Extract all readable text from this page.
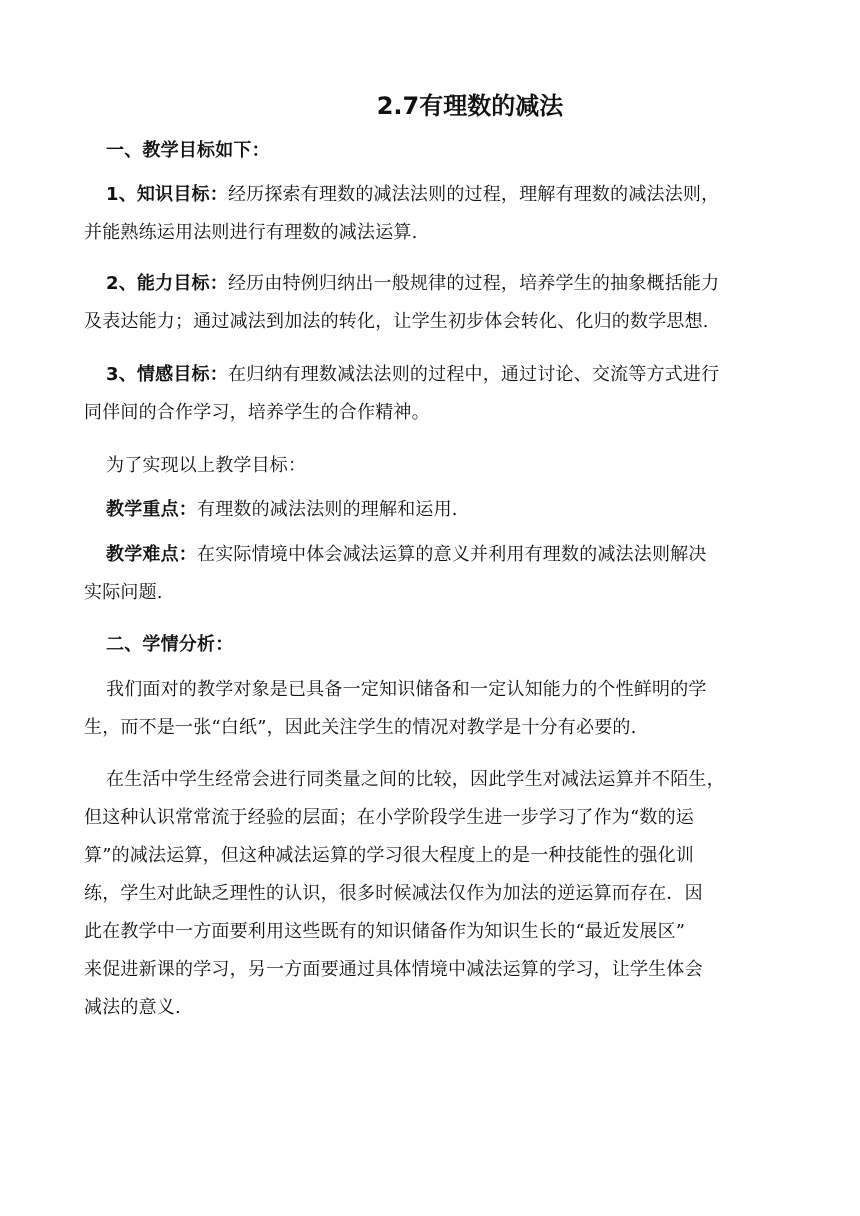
2.7有理数的减法
一、教学目标如下：
1、知识目标：经历探索有理数的减法法则的过程，理解有理数的减法法则，
并能熟练运用法则进行有理数的减法运算.
2、能力目标：经历由特例归纳出一般规律的过程，培养学生的抽象概括能力
及表达能力；通过减法到加法的转化，让学生初步体会转化、化归的数学思想.
3、情感目标：在归纳有理数减法法则的过程中，通过讨论、交流等方式进行
同伴间的合作学习，培养学生的合作精神。
为了实现以上教学目标：
教学重点：有理数的减法法则的理解和运用.
教学难点：在实际情境中体会减法运算的意义并利用有理数的减法法则解决
实际问题.
二、学情分析：
我们面对的教学对象是已具备一定知识储备和一定认知能力的个性鲜明的学
生，而不是一张“白纸”，因此关注学生的情况对教学是十分有必要的.
在生活中学生经常会进行同类量之间的比较，因此学生对减法运算并不陌生，
但这种认识常常流于经验的层面；在小学阶段学生进一步学习了作为“数的运
算”的减法运算，但这种减法运算的学习很大程度上的是一种技能性的强化训
练，学生对此缺乏理性的认识，很多时候减法仅作为加法的逆运算而存在．因
此在教学中一方面要利用这些既有的知识储备作为知识生长的“最近发展区”
来促进新课的学习，另一方面要通过具体情境中减法运算的学习，让学生体会
减法的意义.
